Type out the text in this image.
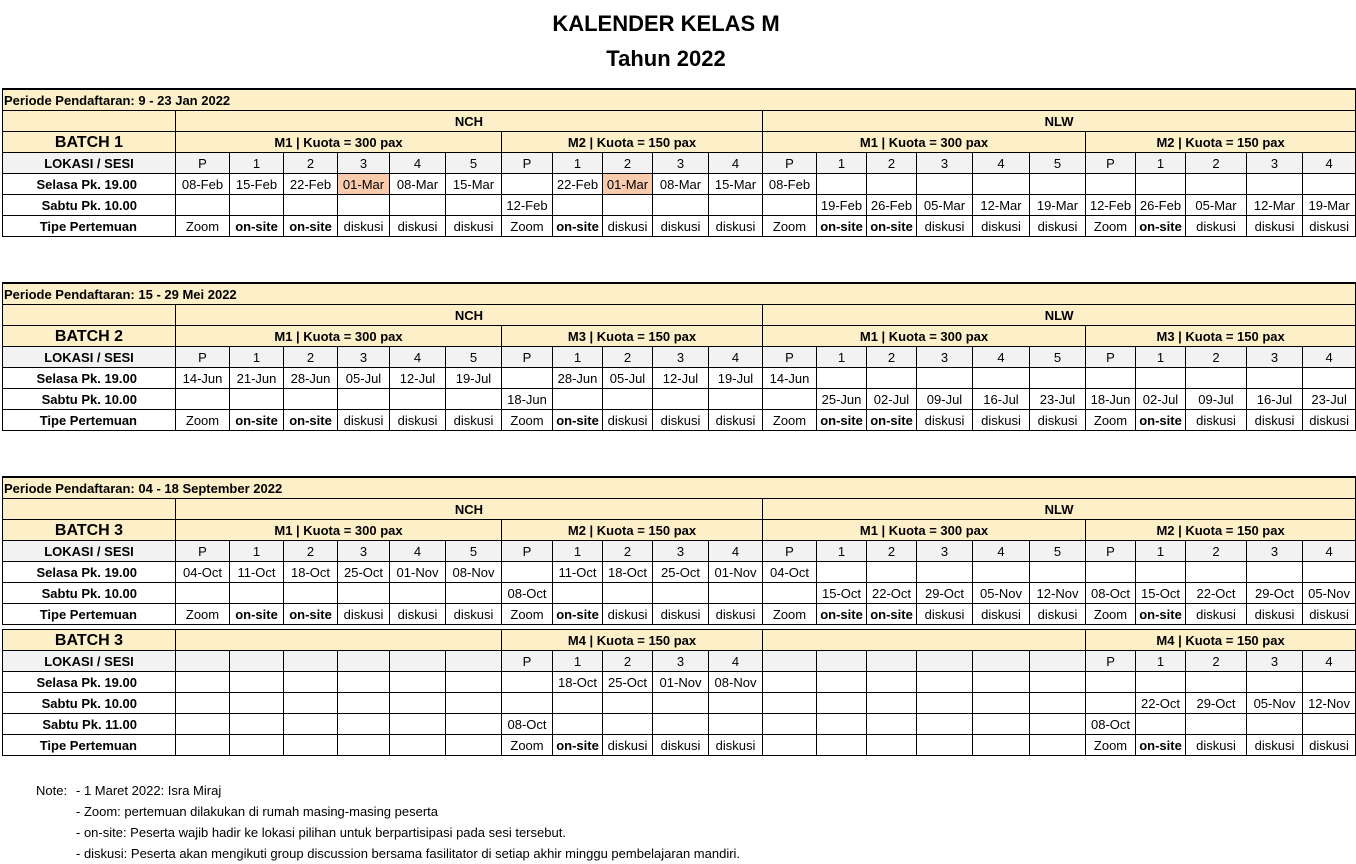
KALENDER KELAS M
Tahun 2022
Periode Pendaftaran: 9 - 23 Jan 2022																						
	NCH											NLW										
BATCH 1	M1 | Kuota = 300 pax						M2 | Kuota = 150 pax					M1 | Kuota = 300 pax						M2 | Kuota = 150 pax				
LOKASI / SESI	P	1	2	3	4	5	P	1	2	3	4	P	1	2	3	4	5	P	1	2	3	4
Selasa Pk. 19.00	08-Feb	15-Feb	22-Feb	01-Mar	08-Mar	15-Mar		22-Feb	01-Mar	08-Mar	15-Mar	08-Feb										
Sabtu Pk. 10.00							12-Feb						19-Feb	26-Feb	05-Mar	12-Mar	19-Mar	12-Feb	26-Feb	05-Mar	12-Mar	19-Mar
Tipe Pertemuan	Zoom	on-site	on-site	diskusi	diskusi	diskusi	Zoom	on-site	diskusi	diskusi	diskusi	Zoom	on-site	on-site	diskusi	diskusi	diskusi	Zoom	on-site	diskusi	diskusi	diskusi
Periode Pendaftaran: 15 - 29 Mei 2022																						
	NCH											NLW										
BATCH 2	M1 | Kuota = 300 pax						M3 | Kuota = 150 pax					M1 | Kuota = 300 pax						M3 | Kuota = 150 pax				
LOKASI / SESI	P	1	2	3	4	5	P	1	2	3	4	P	1	2	3	4	5	P	1	2	3	4
Selasa Pk. 19.00	14-Jun	21-Jun	28-Jun	05-Jul	12-Jul	19-Jul		28-Jun	05-Jul	12-Jul	19-Jul	14-Jun										
Sabtu Pk. 10.00							18-Jun						25-Jun	02-Jul	09-Jul	16-Jul	23-Jul	18-Jun	02-Jul	09-Jul	16-Jul	23-Jul
Tipe Pertemuan	Zoom	on-site	on-site	diskusi	diskusi	diskusi	Zoom	on-site	diskusi	diskusi	diskusi	Zoom	on-site	on-site	diskusi	diskusi	diskusi	Zoom	on-site	diskusi	diskusi	diskusi
Periode Pendaftaran: 04 - 18 September 2022																						
	NCH											NLW										
BATCH 3	M1 | Kuota = 300 pax						M2 | Kuota = 150 pax					M1 | Kuota = 300 pax						M2 | Kuota = 150 pax				
LOKASI / SESI	P	1	2	3	4	5	P	1	2	3	4	P	1	2	3	4	5	P	1	2	3	4
Selasa Pk. 19.00	04-Oct	11-Oct	18-Oct	25-Oct	01-Nov	08-Nov		11-Oct	18-Oct	25-Oct	01-Nov	04-Oct										
Sabtu Pk. 10.00							08-Oct						15-Oct	22-Oct	29-Oct	05-Nov	12-Nov	08-Oct	15-Oct	22-Oct	29-Oct	05-Nov
Tipe Pertemuan	Zoom	on-site	on-site	diskusi	diskusi	diskusi	Zoom	on-site	diskusi	diskusi	diskusi	Zoom	on-site	on-site	diskusi	diskusi	diskusi	Zoom	on-site	diskusi	diskusi	diskusi
BATCH 3							M4 | Kuota = 150 pax											M4 | Kuota = 150 pax				
LOKASI / SESI							P	1	2	3	4							P	1	2	3	4
Selasa Pk. 19.00								18-Oct	25-Oct	01-Nov	08-Nov											
Sabtu Pk. 10.00																			22-Oct	29-Oct	05-Nov	12-Nov
Sabtu Pk. 11.00							08-Oct											08-Oct				
Tipe Pertemuan							Zoom	on-site	diskusi	diskusi	diskusi							Zoom	on-site	diskusi	diskusi	diskusi
Note: - 1 Maret 2022: Isra Miraj
- Zoom: pertemuan dilakukan di rumah masing-masing peserta
- on-site: Peserta wajib hadir ke lokasi pilihan untuk berpartisipasi pada sesi tersebut.
- diskusi: Peserta akan mengikuti group discussion bersama fasilitator di setiap akhir minggu pembelajaran mandiri.
